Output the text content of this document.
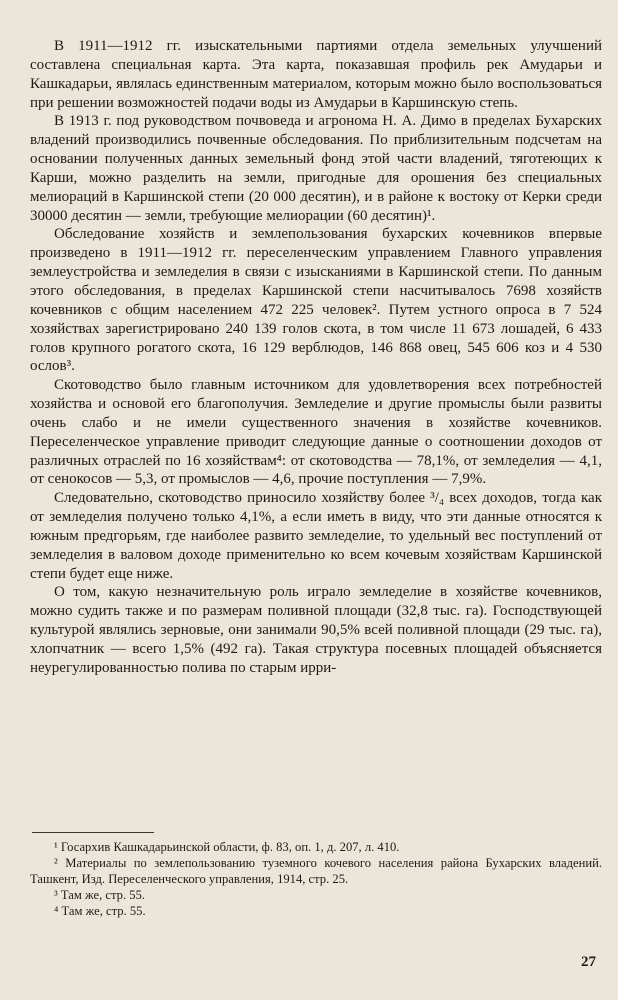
В 1911—1912 гг. изыскательными партиями отдела земельных улучшений составлена специальная карта. Эта карта, показавшая профиль рек Амударьи и Кашкадарьи, являлась единственным материалом, которым можно было воспользоваться при решении возможностей подачи воды из Амударьи в Каршинскую степь.

В 1913 г. под руководством почвоведа и агронома Н. А. Димо в пределах Бухарских владений производились почвенные обследования. По приблизительным подсчетам на основании полученных данных земельный фонд этой части владений, тяготеющих к Карши, можно разделить на земли, пригодные для орошения без специальных мелиораций в Каршинской степи (20 000 десятин), и в районе к востоку от Керки среди 30000 десятин — земли, требующие мелиорации (60 десятин)¹.

Обследование хозяйств и землепользования бухарских кочевников впервые произведено в 1911—1912 гг. переселенческим управлением Главного управления землеустройства и земледелия в связи с изысканиями в Каршинской степи. По данным этого обследования, в пределах Каршинской степи насчитывалось 7698 хозяйств кочевников с общим населением 472 225 человек². Путем устного опроса в 7 524 хозяйствах зарегистрировано 240 139 голов скота, в том числе 11 673 лошадей, 6 433 голов крупного рогатого скота, 16 129 верблюдов, 146 868 овец, 545 606 коз и 4 530 ослов³.

Скотоводство было главным источником для удовлетворения всех потребностей хозяйства и основой его благополучия. Земледелие и другие промыслы были развиты очень слабо и не имели существенного значения в хозяйстве кочевников. Переселенческое управление приводит следующие данные о соотношении доходов от различных отраслей по 16 хозяйствам⁴: от скотоводства — 78,1%, от земледелия — 4,1, от сенокосов — 5,3, от промыслов — 4,6, прочие поступления — 7,9%.

Следовательно, скотоводство приносило хозяйству более ³/₄ всех доходов, тогда как от земледелия получено только 4,1%, а если иметь в виду, что эти данные относятся к южным предгорьям, где наиболее развито земледелие, то удельный вес поступлений от земледелия в валовом доходе применительно ко всем кочевым хозяйствам Каршинской степи будет еще ниже.

О том, какую незначительную роль играло земледелие в хозяйстве кочевников, можно судить также и по размерам поливной площади (32,8 тыс. га). Господствующей культурой являлись зерновые, они занимали 90,5% всей поливной площади (29 тыс. га), хлопчатник — всего 1,5% (492 га). Такая структура посевных площадей объясняется неурегулированностью полива по старым ирри-

¹ Госархив Кашкадарьинской области, ф. 83, оп. 1, д. 207, л. 410.

² Материалы по землепользованию туземного кочевого населения района Бухарских владений. Ташкент, Изд. Переселенческого управления, 1914, стр. 25.

³ Там же, стр. 55.

⁴ Там же, стр. 55.

27
